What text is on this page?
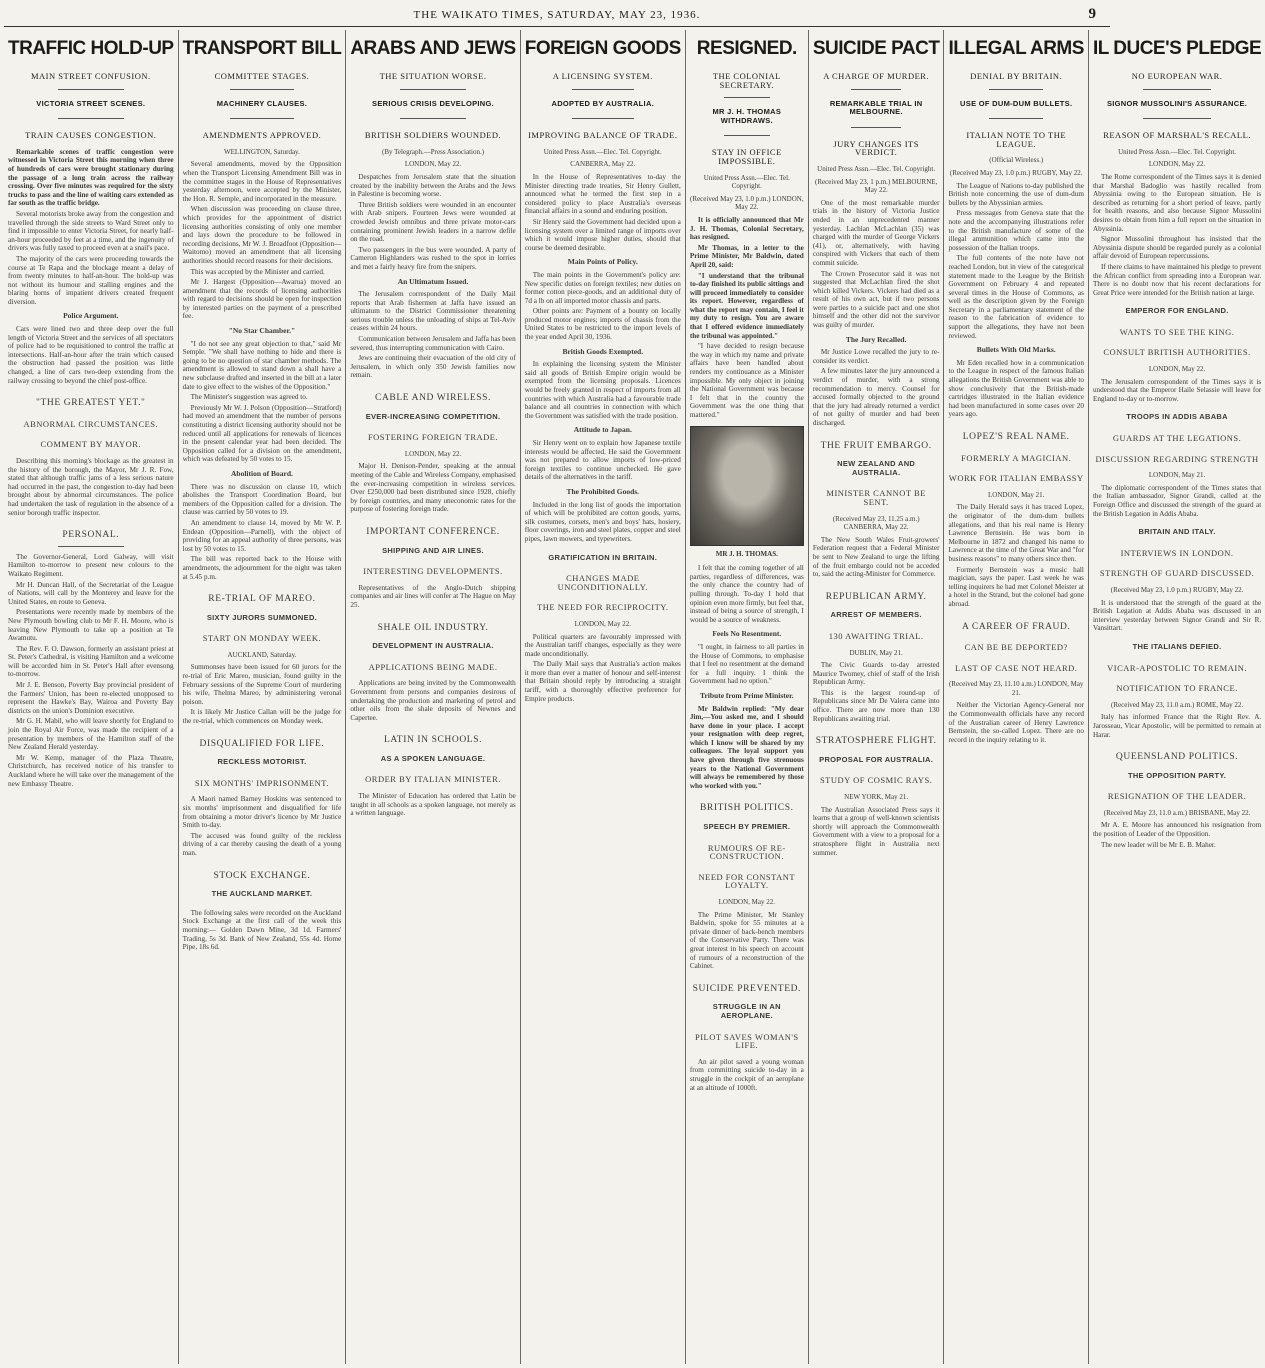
THE WAIKATO TIMES, SATURDAY, MAY 23, 1936.	9
TRAFFIC HOLD-UP
MAIN STREET CONFUSION.
VICTORIA STREET SCENES.
TRAIN CAUSES CONGESTION.

Remarkable scenes of traffic congestion were witnessed in Victoria Street this morning when three of hundreds of cars were brought stationary during the passage of a long train across the railway crossing. Over five minutes was required for the sixty trucks to pass and the line of waiting cars extended as far south as the traffic bridge.

Several motorists broke away from the congestion and travelled through the side streets to Ward Street only to find it impossible to enter Victoria Street, for nearly half-an-hour proceeded by feet at a time, and the ingenuity of drivers was fully taxed to proceed even at a snail's pace.

The majority of the cars were proceeding towards the course at Te Rapa and the blockage meant a delay of from twenty minutes to half-an-hour. The hold-up was not without its humour and stalling engines and the blaring horns of impatient drivers created frequent diversion.

Police Argument.

Cars were lined two and three deep over the full length of Victoria Street and the services of all spectators of police had to be requisitioned to control the traffic at intersections. Half-an-hour after the train which caused the obstruction had passed the position was little changed, a line of cars two-deep extending from the railway crossing to beyond the chief post-office.

"THE GREATEST YET."
ABNORMAL CIRCUMSTANCES.
COMMENT BY MAYOR.

Describing this morning's blockage as the greatest in the history of the borough, the Mayor, Mr J. R. Fow, stated that although traffic jams of a less serious nature had occurred in the past, the congestion to-day had been brought about by abnormal circumstances. The police had undertaken the task of regulation in the absence of a senior borough traffic inspector.

PERSONAL.

The Governor-General, Lord Galway, will visit Hamilton to-morrow to present new colours to the Waikato Regiment.

Mr H. Duncan Hall, of the Secretariat of the League of Nations, will call by the Monterey and leave for the United States, en route to Geneva.

Presentations were recently made by members of the New Plymouth bowling club to Mr F. H. Moore, who is leaving New Plymouth to take up a position at Te Awamutu.

The Rev. F. O. Dawson, formerly an assistant priest at St. Peter's Cathedral, is visiting Hamilton and a welcome will be accorded him in St. Peter's Hall after evensong to-morrow.

Mr J. E. Benson, Poverty Bay provincial president of the Farmers' Union, has been re-elected unopposed to represent the Hawke's Bay, Wairoa and Poverty Bay districts on the union's Dominion executive.

Mr G. H. Mabil, who will leave shortly for England to join the Royal Air Force, was made the recipient of a presentation by members of the Hamilton staff of the New Zealand Herald yesterday.

Mr W. Kemp, manager of the Plaza Theatre, Christchurch, has received notice of his transfer to Auckland where he will take over the management of the new Embassy Theatre.

TRANSPORT BILL
COMMITTEE STAGES.
MACHINERY CLAUSES.
AMENDMENTS APPROVED.
WELLINGTON, Saturday.

Several amendments, moved by the Opposition when the Transport Licensing Amendment Bill was in the committee stages in the House of Representatives yesterday afternoon, were accepted by the Minister, the Hon. R. Semple, and incorporated in the measure.

When discussion was proceeding on clause three, which provides for the appointment of district licensing authorities consisting of only one member and lays down the procedure to be followed in recording decisions, Mr W. J. Broadfoot (Opposition—Waitomo) moved an amendment that all licensing authorities should record reasons for their decisions.

This was accepted by the Minister and carried.

Mr J. Hargest (Opposition—Awarua) moved an amendment that the records of licensing authorities with regard to decisions should be open for inspection by interested parties on the payment of a prescribed fee.

"No Star Chamber."

"I do not see any great objection to that," said Mr Semple. "We shall have nothing to hide and there is going to be no question of star chamber methods. The amendment is allowed to stand down a shall have a new subclause drafted and inserted in the bill at a later date to give effect to the wishes of the Opposition."

The Minister's suggestion was agreed to.

Previously Mr W. J. Polson (Opposition—Stratford) had moved an amendment that the number of persons constituting a district licensing authority should not be reduced until all applications for renewals of licences in the present calendar year had been decided. The Opposition called for a division on the amendment, which was defeated by 50 votes to 15.

Abolition of Board.

There was no discussion on clause 10, which abolishes the Transport Coordination Board, but members of the Opposition called for a division. The clause was carried by 50 votes to 19.

An amendment to clause 14, moved by Mr W. P. Endean (Opposition—Parnell), with the object of providing for an appeal authority of three persons, was lost by 50 votes to 15.

The bill was reported back to the House with amendments, the adjournment for the night was taken at 5.45 p.m.

RE-TRIAL OF MAREO.
SIXTY JURORS SUMMONED.
START ON MONDAY WEEK.
AUCKLAND, Saturday.

Summonses have been issued for 60 jurors for the re-trial of Eric Mareo, musician, found guilty in the February sessions of the Supreme Court of murdering his wife, Thelma Mareo, by administering veronal poison.

It is likely Mr Justice Callan will be the judge for the re-trial, which commences on Monday week.

DISQUALIFIED FOR LIFE.
RECKLESS MOTORIST.
SIX MONTHS' IMPRISONMENT.

A Maori named Barney Hoskins was sentenced to six months' imprisonment and disqualified for life from obtaining a motor driver's licence by Mr Justice Smith to-day.

The accused was found guilty of the reckless driving of a car thereby causing the death of a young man.

STOCK EXCHANGE.
THE AUCKLAND MARKET.

The following sales were recorded on the Auckland Stock Exchange at the first call of the week this morning:— Golden Dawn Mine, 3d 1d. Farmers' Trading, 5s 3d. Bank of New Zealand, 55s 4d. Home Pipe, 18s 6d.

ARABS AND JEWS
THE SITUATION WORSE.
SERIOUS CRISIS DEVELOPING.
BRITISH SOLDIERS WOUNDED.
(By Telegraph.—Press Association.)
LONDON, May 22.

Despatches from Jerusalem state that the situation created by the inability between the Arabs and the Jews in Palestine is becoming worse.

Three British soldiers were wounded in an encounter with Arab snipers. Fourteen Jews were wounded at crowded Jewish omnibus and three private motor-cars containing prominent Jewish leaders in a narrow defile on the road.

Two passengers in the bus were wounded. A party of Cameron Highlanders was rushed to the spot in lorries and met a fairly heavy fire from the snipers.

An Ultimatum Issued.

The Jerusalem correspondent of the Daily Mail reports that Arab fishermen at Jaffa have issued an ultimatum to the District Commissioner threatening serious trouble unless the unloading of ships at Tel-Aviv ceases within 24 hours.

Communication between Jerusalem and Jaffa has been severed, thus interrupting communication with Cairo.

Jews are continuing their evacuation of the old city of Jerusalem, in which only 350 Jewish families now remain.

CABLE AND WIRELESS.
EVER-INCREASING COMPETITION.
FOSTERING FOREIGN TRADE.
LONDON, May 22.

Major H. Denison-Pender, speaking at the annual meeting of the Cable and Wireless Company, emphasised the ever-increasing competition in wireless services. Over £250,000 had been distributed since 1928, chiefly by foreign countries, and many uneconomic rates for the purpose of fostering foreign trade.

IMPORTANT CONFERENCE.
SHIPPING AND AIR LINES.
INTERESTING DEVELOPMENTS.

Representatives of the Anglo-Dutch shipping companies and air lines will confer at The Hague on May 25.

SHALE OIL INDUSTRY.
DEVELOPMENT IN AUSTRALIA.
APPLICATIONS BEING MADE.

Applications are being invited by the Commonwealth Government from persons and companies desirous of undertaking the production and marketing of petrol and other oils from the shale deposits of Newnes and Capertee.

LATIN IN SCHOOLS.
AS A SPOKEN LANGUAGE.
ORDER BY ITALIAN MINISTER.

The Minister of Education has ordered that Latin be taught in all schools as a spoken language, not merely as a written language.

FOREIGN GOODS
A LICENSING SYSTEM.
ADOPTED BY AUSTRALIA.
IMPROVING BALANCE OF TRADE.
United Press Assn.—Elec. Tel. Copyright.
CANBERRA, May 22.

In the House of Representatives to-day the Minister directing trade treaties, Sir Henry Gullett, announced what he termed the first step in a considered policy to place Australia's overseas financial affairs in a sound and enduring position.

Sir Henry said the Government had decided upon a licensing system over a limited range of imports over which it would impose higher duties, should that course be deemed desirable.

Main Points of Policy.

The main points in the Government's policy are: New specific duties on foreign textiles; new duties on former cotton piece-goods, and an additional duty of 7d a lb on all imported motor chassis and parts.

Other points are: Payment of a bounty on locally produced motor engines; imports of chassis from the United States to be restricted to the import levels of the year ended April 30, 1936.

British Goods Exempted.

In explaining the licensing system the Minister said all goods of British Empire origin would be exempted from the licensing proposals. Licences would be freely granted in respect of imports from all countries with which Australia had a favourable trade balance and all countries in connection with which the Government was satisfied with the trade position.

Attitude to Japan.

Sir Henry went on to explain how Japanese textile interests would be affected. He said the Government was not prepared to allow imports of low-priced foreign textiles to continue unchecked. He gave details of the alternatives in the tariff.

The Prohibited Goods.

Included in the long list of goods the importation of which will be prohibited are cotton goods, yarns, silk costumes, corsets, men's and boys' hats, hosiery, floor coverings, iron and steel plates, copper and steel pipes, lawn mowers, and typewriters.

GRATIFICATION IN BRITAIN.
CHANGES MADE UNCONDITIONALLY.
THE NEED FOR RECIPROCITY.
LONDON, May 22.

Political quarters are favourably impressed with the Australian tariff changes, especially as they were made unconditionally.

The Daily Mail says that Australia's action makes it more than ever a matter of honour and self-interest that Britain should reply by introducing a straight tariff, with a thoroughly effective preference for Empire products.

RESIGNED.
THE COLONIAL SECRETARY.
MR J. H. THOMAS WITHDRAWS.
STAY IN OFFICE IMPOSSIBLE.
United Press Assn.—Elec. Tel. Copyright.
(Received May 23, 1.0 p.m.) LONDON, May 22.

It is officially announced that Mr J. H. Thomas, Colonial Secretary, has resigned.

Mr Thomas, in a letter to the Prime Minister, Mr Baldwin, dated April 20, said:

"I understand that the tribunal to-day finished its public sittings and will proceed immediately to consider its report. However, regardless of what the report may contain, I feel it my duty to resign. You are aware that I offered evidence immediately the tribunal was appointed."

"I have decided to resign because the way in which my name and private affairs have been handled about renders my continuance as a Minister impossible. My only object in joining the National Government was because I felt that in the country the Government was the one thing that mattered."

MR J. H. THOMAS.

I felt that the coming together of all parties, regardless of differences, was the only chance the country had of pulling through. To-day I hold that opinion even more firmly, but feel that, instead of being a source of strength, I would be a source of weakness.

Feels No Resentment.

"I ought, in fairness to all parties in the House of Commons, to emphasise that I feel no resentment at the demand for a full inquiry. I think the Government had no option."

Tribute from Prime Minister.

Mr Baldwin replied: "My dear Jim,—You asked me, and I should have done in your place. I accept your resignation with deep regret, which I know will be shared by my colleagues. The loyal support you have given through five strenuous years to the National Government will always be remembered by those who worked with you."

BRITISH POLITICS.
SPEECH BY PREMIER.
RUMOURS OF RE-CONSTRUCTION.
NEED FOR CONSTANT LOYALTY.
LONDON, May 22.

The Prime Minister, Mr Stanley Baldwin, spoke for 55 minutes at a private dinner of back-bench members of the Conservative Party. There was great interest in his speech on account of rumours of a reconstruction of the Cabinet.

SUICIDE PREVENTED.
STRUGGLE IN AN AEROPLANE.
PILOT SAVES WOMAN'S LIFE.

An air pilot saved a young woman from committing suicide to-day in a struggle in the cockpit of an aeroplane at an altitude of 1000ft.

SUICIDE PACT
A CHARGE OF MURDER.
REMARKABLE TRIAL IN MELBOURNE.
JURY CHANGES ITS VERDICT.
United Press Assn.—Elec. Tel. Copyright.
(Received May 23, 1 p.m.) MELBOURNE, May 22.

One of the most remarkable murder trials in the history of Victoria Justice ended in an unprecedented manner yesterday. Lachlan McLachlan (35) was charged with the murder of George Vickers (41), or, alternatively, with having conspired with Vickers that each of them commit suicide.

The Crown Prosecutor said it was not suggested that McLachlan fired the shot which killed Vickers. Vickers had died as a result of his own act, but if two persons were parties to a suicide pact and one shot himself and the other did not the survivor was guilty of murder.

The Jury Recalled.

Mr Justice Lowe recalled the jury to re-consider its verdict.

A few minutes later the jury announced a verdict of murder, with a strong recommendation to mercy. Counsel for accused formally objected to the ground that the jury had already returned a verdict of not guilty of murder and had been discharged.

THE FRUIT EMBARGO.
NEW ZEALAND AND AUSTRALIA.
MINISTER CANNOT BE SENT.
(Received May 23, 11.25 a.m.) CANBERRA, May 22.

The New South Wales Fruit-growers' Federation request that a Federal Minister be sent to New Zealand to urge the lifting of the fruit embargo could not be acceded to, said the acting-Minister for Commerce.

REPUBLICAN ARMY.
ARREST OF MEMBERS.
130 AWAITING TRIAL.
DUBLIN, May 21.

The Civic Guards to-day arrested Maurice Twomey, chief of staff of the Irish Republican Army.

This is the largest round-up of Republicans since Mr De Valera came into office. There are now more than 130 Republicans awaiting trial.

STRATOSPHERE FLIGHT.
PROPOSAL FOR AUSTRALIA.
STUDY OF COSMIC RAYS.
NEW YORK, May 21.

The Australian Associated Press says it learns that a group of well-known scientists shortly will approach the Commonwealth Government with a view to a proposal for a stratosphere flight in Australia next summer.

ILLEGAL ARMS
DENIAL BY BRITAIN.
USE OF DUM-DUM BULLETS.
ITALIAN NOTE TO THE LEAGUE.
(Official Wireless.)
(Received May 23, 1.0 p.m.) RUGBY, May 22.

The League of Nations to-day published the British note concerning the use of dum-dum bullets by the Abyssinian armies.

Press messages from Geneva state that the note and the accompanying illustrations refer to the British manufacture of some of the illegal ammunition which came into the possession of the Italian troops.

The full contents of the note have not reached London, but in view of the categorical statement made to the League by the British Government on February 4 and repeated several times in the House of Commons, as well as the description given by the Foreign Secretary in a parliamentary statement of the reason to the fabrication of evidence to support the allegations, they have not been reviewed.

Bullets With Old Marks.

Mr Eden recalled how in a communication to the League in respect of the famous Italian allegations the British Government was able to show conclusively that the British-made cartridges illustrated in the Italian evidence had been manufactured in some cases over 20 years ago.

LOPEZ'S REAL NAME.
FORMERLY A MAGICIAN.
WORK FOR ITALIAN EMBASSY
LONDON, May 21.

The Daily Herald says it has traced Lopez, the originator of the dum-dum bullets allegations, and that his real name is Henry Lawrence Bernstein. He was born in Melbourne in 1872 and changed his name to Lawrence at the time of the Great War and "for business reasons" to many others since then.

Formerly Bernstein was a music hall magician, says the paper. Last week he was telling inquirers he had met Colonel Meister at a hotel in the Strand, but the colonel had gone abroad.

A CAREER OF FRAUD.
CAN BE BE DEPORTED?
LAST OF CASE NOT HEARD.
(Received May 23, 11.10 a.m.) LONDON, May 21.

Neither the Victorian Agency-General nor the Commonwealth officials have any record of the Australian career of Henry Lawrence Bernstein, the so-called Lopez. There are no record in the inquiry relating to it.

IL DUCE'S PLEDGE
NO EUROPEAN WAR.
SIGNOR MUSSOLINI'S ASSURANCE.
REASON OF MARSHAL'S RECALL.
United Press Assn.—Elec. Tel. Copyright.
LONDON, May 22.

The Rome correspondent of the Times says it is denied that Marshal Badoglio was hastily recalled from Abyssinia owing to the European situation. He is described as returning for a short period of leave, partly for health reasons, and also because Signor Mussolini desires to obtain from him a full report on the situation in Abyssinia.

Signor Mussolini throughout has insisted that the Abyssinia dispute should be regarded purely as a colonial affair devoid of European repercussions.

If there claims to have maintained his pledge to prevent the African conflict from spreading into a European war. There is no doubt now that his recent declarations for Great Price were intended for the British nation at large.

EMPEROR FOR ENGLAND.
WANTS TO SEE THE KING.
CONSULT BRITISH AUTHORITIES.
LONDON, May 22.

The Jerusalem correspondent of the Times says it is understood that the Emperor Haile Selassie will leave for England to-day or to-morrow.

TROOPS IN ADDIS ABABA
GUARDS AT THE LEGATIONS.
DISCUSSION REGARDING STRENGTH
LONDON, May 21.

The diplomatic correspondent of the Times states that the Italian ambassador, Signor Grandi, called at the Foreign Office and discussed the strength of the guard at the British Legation in Addis Ababa.

BRITAIN AND ITALY.
INTERVIEWS IN LONDON.
STRENGTH OF GUARD DISCUSSED.
(Received May 23, 1.0 p.m.) RUGBY, May 22.

It is understood that the strength of the guard at the British Legation at Addis Ababa was discussed in an interview yesterday between Signor Grandi and Sir R. Vansittart.

THE ITALIANS DEFIED.
VICAR-APOSTOLIC TO REMAIN.
NOTIFICATION TO FRANCE.
(Received May 23, 11.0 a.m.) ROME, May 22.

Italy has informed France that the Right Rev. A. Jarosseau, Vicar Apostolic, will be permitted to remain at Harar.

QUEENSLAND POLITICS.
THE OPPOSITION PARTY.
RESIGNATION OF THE LEADER.
(Received May 23, 11.0 a.m.) BRISBANE, May 22.

Mr A. E. Moore has announced his resignation from the position of Leader of the Opposition.

The new leader will be Mr E. B. Maher.
